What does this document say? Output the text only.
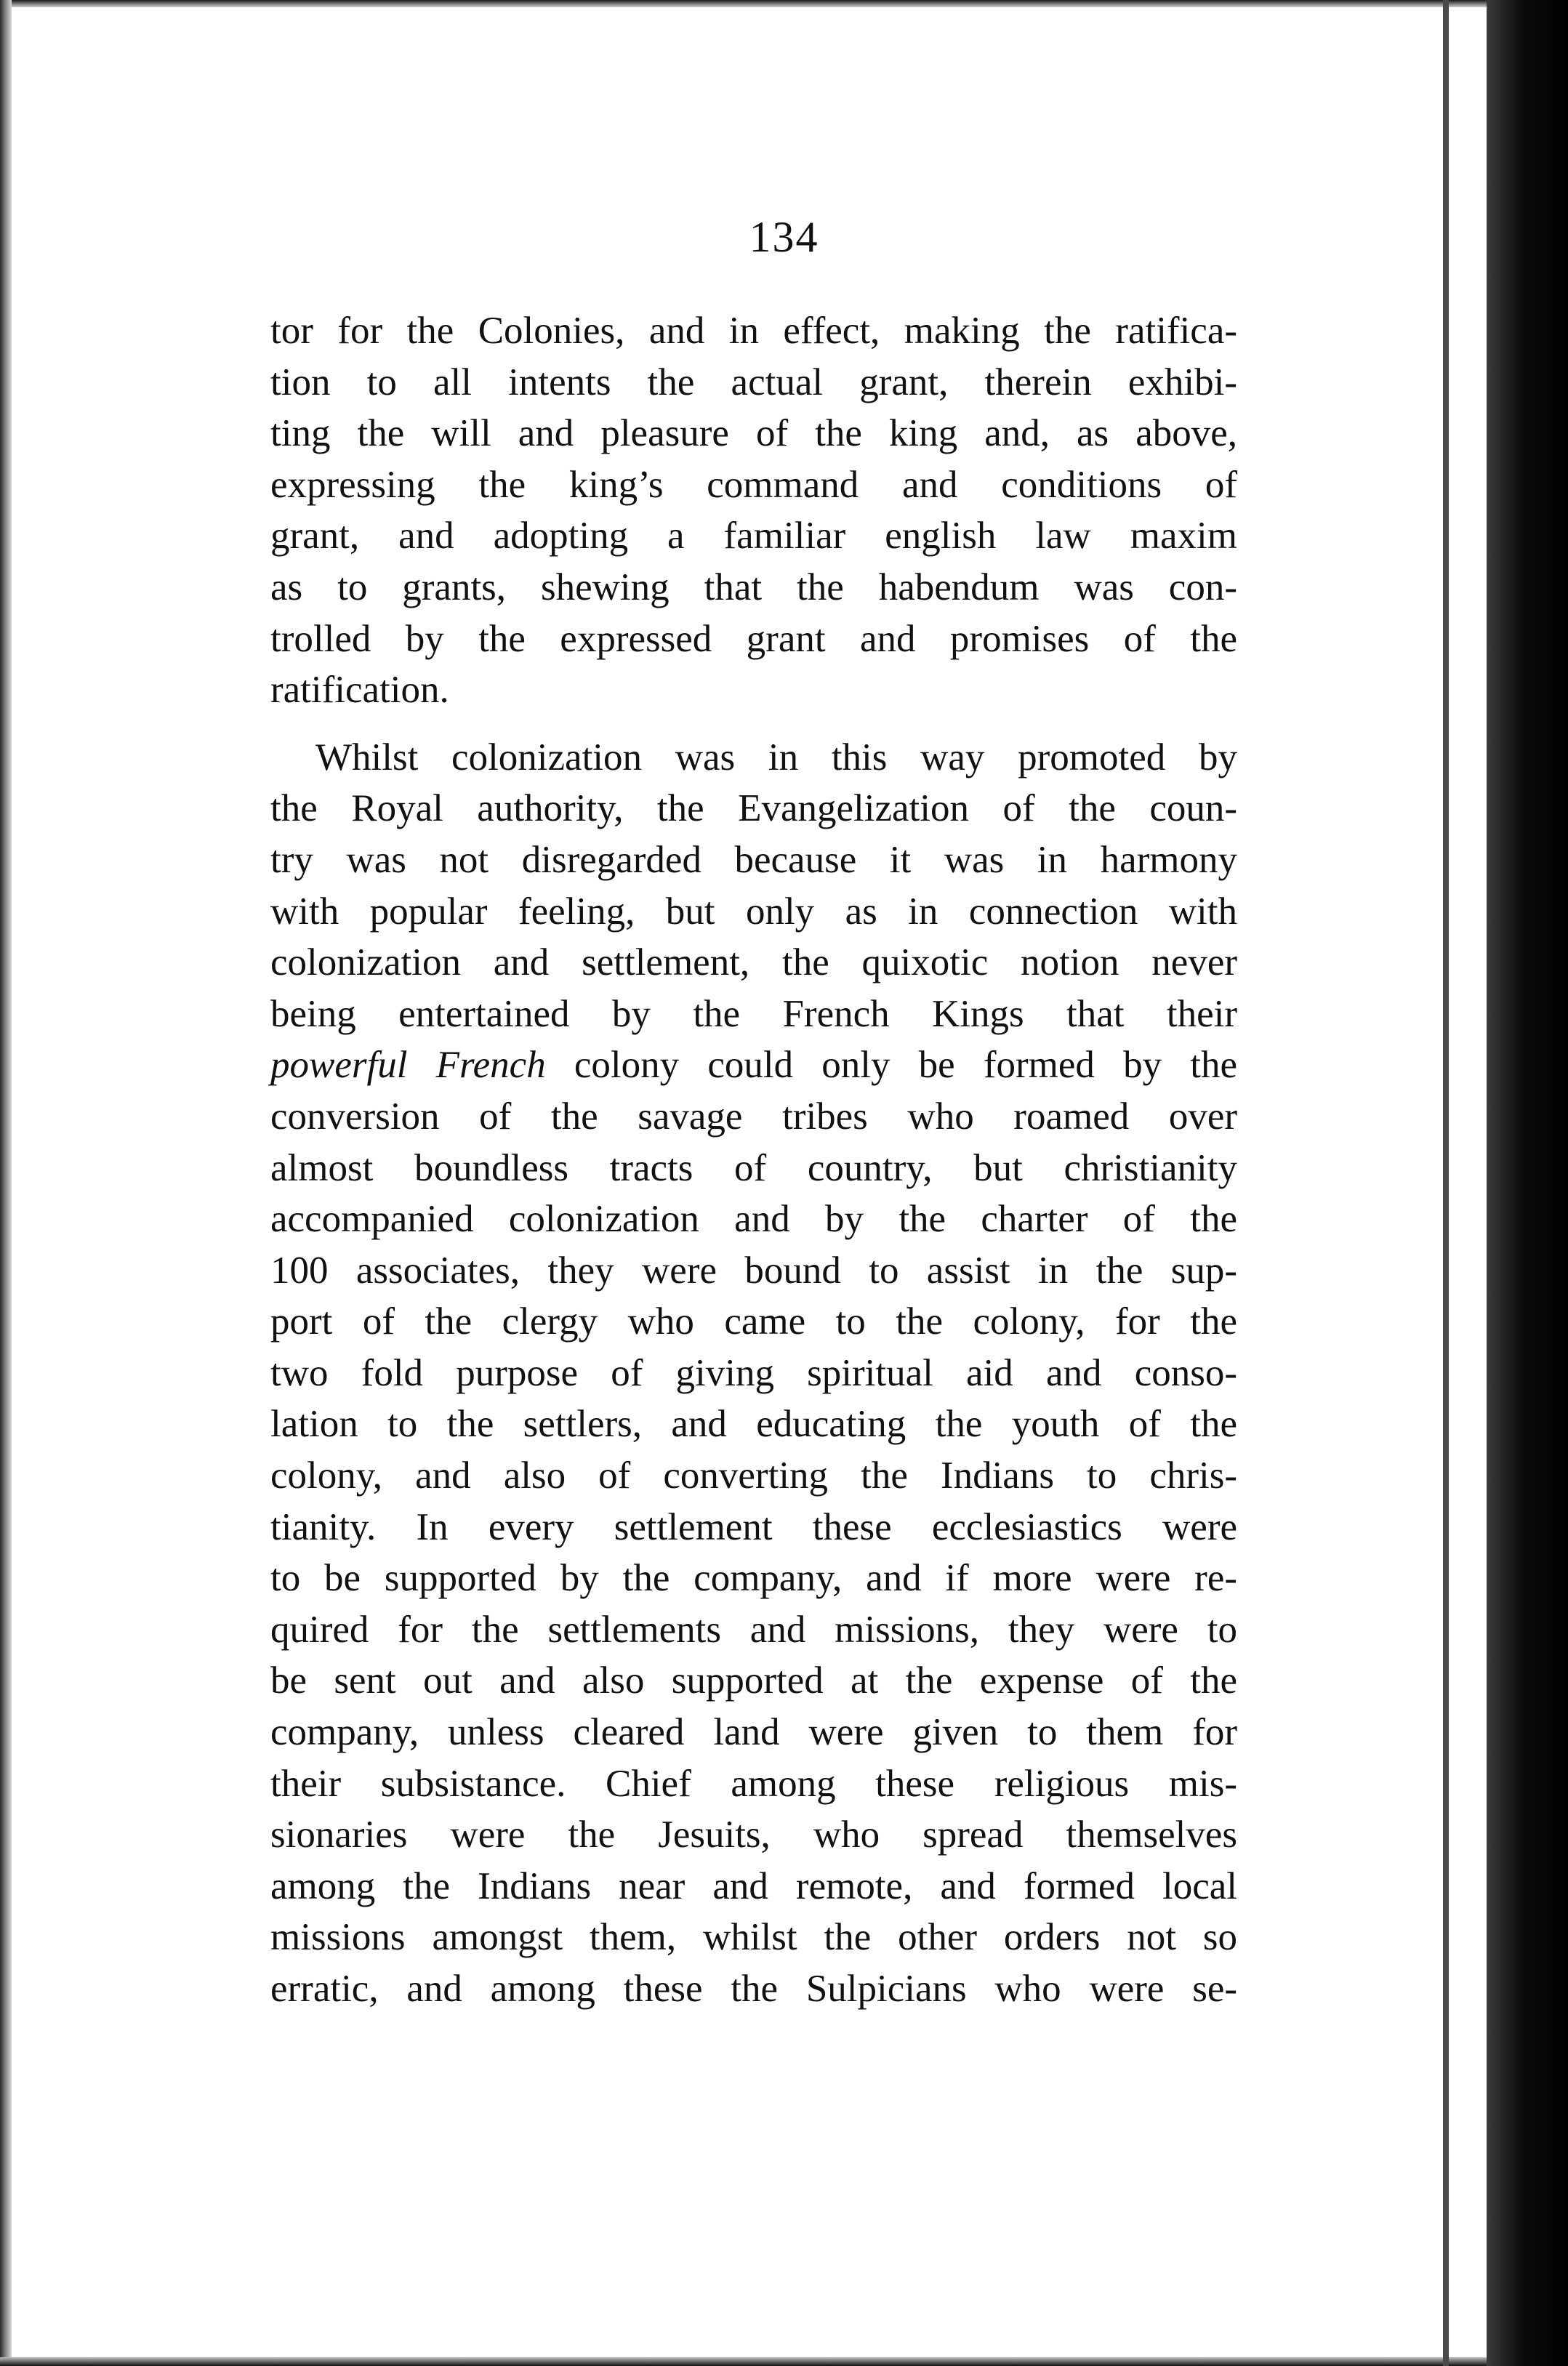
134
tor for the Colonies, and in effect, making the ratifica-
tion to all intents the actual grant, therein exhibi-
ting the will and pleasure of the king and, as above,
expressing the king’s command and conditions of
grant, and adopting a familiar english law maxim
as to grants, shewing that the habendum was con-
trolled by the expressed grant and promises of the
ratification.
Whilst colonization was in this way promoted by
the Royal authority, the Evangelization of the coun-
try was not disregarded because it was in harmony
with popular feeling, but only as in connection with
colonization and settlement, the quixotic notion never
being entertained by the French Kings that their
powerful French colony could only be formed by the
conversion of the savage tribes who roamed over
almost boundless tracts of country, but christianity
accompanied colonization and by the charter of the
100 associates, they were bound to assist in the sup-
port of the clergy who came to the colony, for the
two fold purpose of giving spiritual aid and conso-
lation to the settlers, and educating the youth of the
colony, and also of converting the Indians to chris-
tianity. In every settlement these ecclesiastics were
to be supported by the company, and if more were re-
quired for the settlements and missions, they were to
be sent out and also supported at the expense of the
company, unless cleared land were given to them for
their subsistance. Chief among these religious mis-
sionaries were the Jesuits, who spread themselves
among the Indians near and remote, and formed local
missions amongst them, whilst the other orders not so
erratic, and among these the Sulpicians who were se-
